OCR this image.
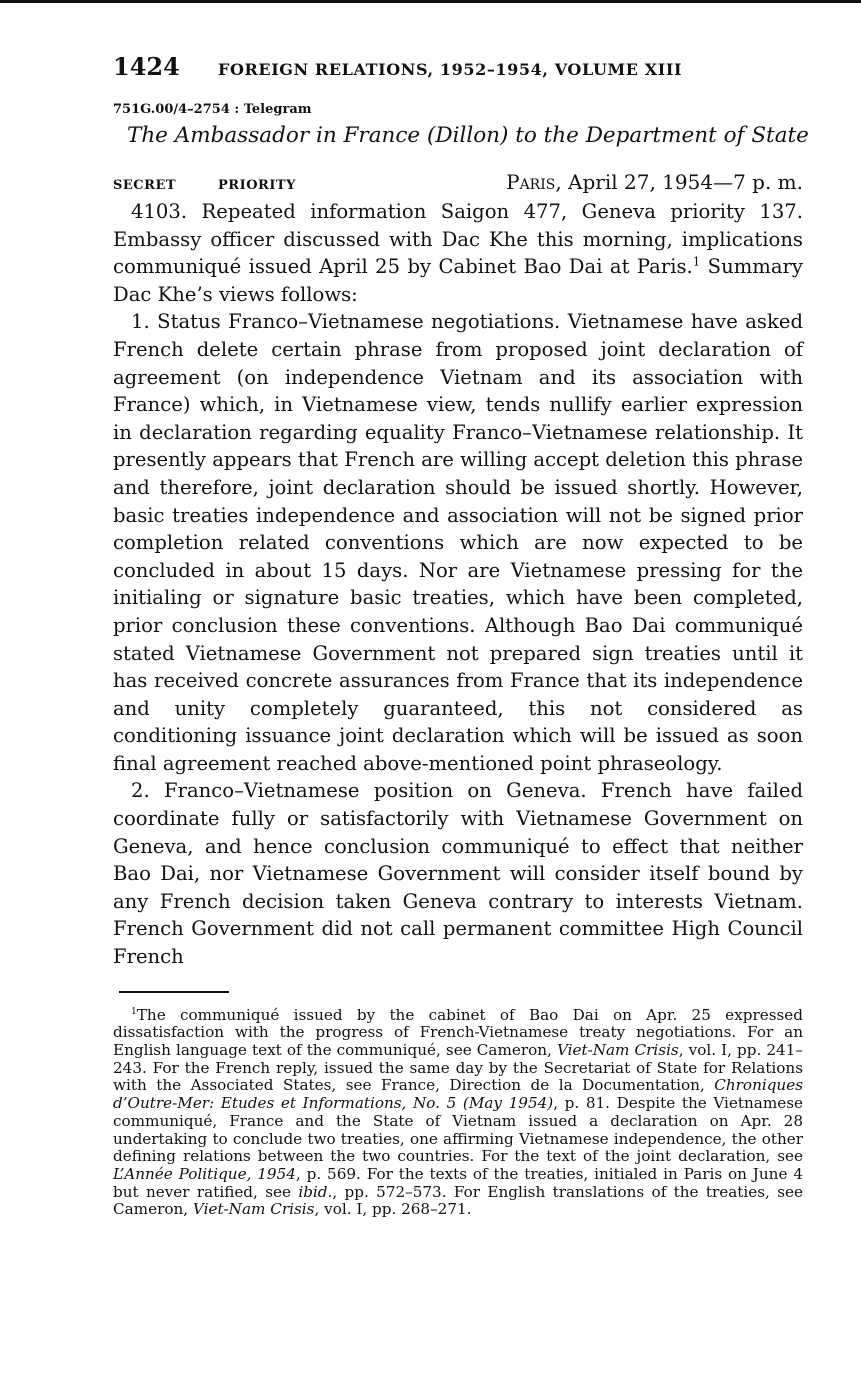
1424	FOREIGN RELATIONS, 1952–1954, VOLUME XIII
751G.00/4–2754 : Telegram
The Ambassador in France (Dillon) to the Department of State
SECRET	PRIORITY	Paris, April 27, 1954—7 p. m.

4103. Repeated information Saigon 477, Geneva priority 137. Embassy officer discussed with Dac Khe this morning, implications communiqué issued April 25 by Cabinet Bao Dai at Paris.$^1$ Summary Dac Khe’s views follows:

1. Status Franco–Vietnamese negotiations. Vietnamese have asked French delete certain phrase from proposed joint declaration of agreement (on independence Vietnam and its association with France) which, in Vietnamese view, tends nullify earlier expression in declaration regarding equality Franco–Vietnamese relationship. It presently appears that French are willing accept deletion this phrase and therefore, joint declaration should be issued shortly. However, basic treaties independence and association will not be signed prior completion related conventions which are now expected to be concluded in about 15 days. Nor are Vietnamese pressing for the initialing or signature basic treaties, which have been completed, prior conclusion these conventions. Although Bao Dai communiqué stated Vietnamese Government not prepared sign treaties until it has received concrete assurances from France that its independence and unity completely guaranteed, this not considered as conditioning issuance joint declaration which will be issued as soon final agreement reached above-mentioned point phraseology.

2. Franco–Vietnamese position on Geneva. French have failed coordinate fully or satisfactorily with Vietnamese Government on Geneva, and hence conclusion communiqué to effect that neither Bao Dai, nor Vietnamese Government will consider itself bound by any French decision taken Geneva contrary to interests Vietnam. French Government did not call permanent committee High Council French

$^1$The communiqué issued by the cabinet of Bao Dai on Apr. 25 expressed dissatisfaction with the progress of French-Vietnamese treaty negotiations. For an English language text of the communiqué, see Cameron, Viet-Nam Crisis, vol. I, pp. 241–243. For the French reply, issued the same day by the Secretariat of State for Relations with the Associated States, see France, Direction de la Documentation, Chroniques d’Outre-Mer: Etudes et Informations, No. 5 (May 1954), p. 81. Despite the Vietnamese communiqué, France and the State of Vietnam issued a declaration on Apr. 28 undertaking to conclude two treaties, one affirming Vietnamese independence, the other defining relations between the two countries. For the text of the joint declaration, see L’Année Politique, 1954, p. 569. For the texts of the treaties, initialed in Paris on June 4 but never ratified, see ibid., pp. 572–573. For English translations of the treaties, see Cameron, Viet-Nam Crisis, vol. I, pp. 268–271.
